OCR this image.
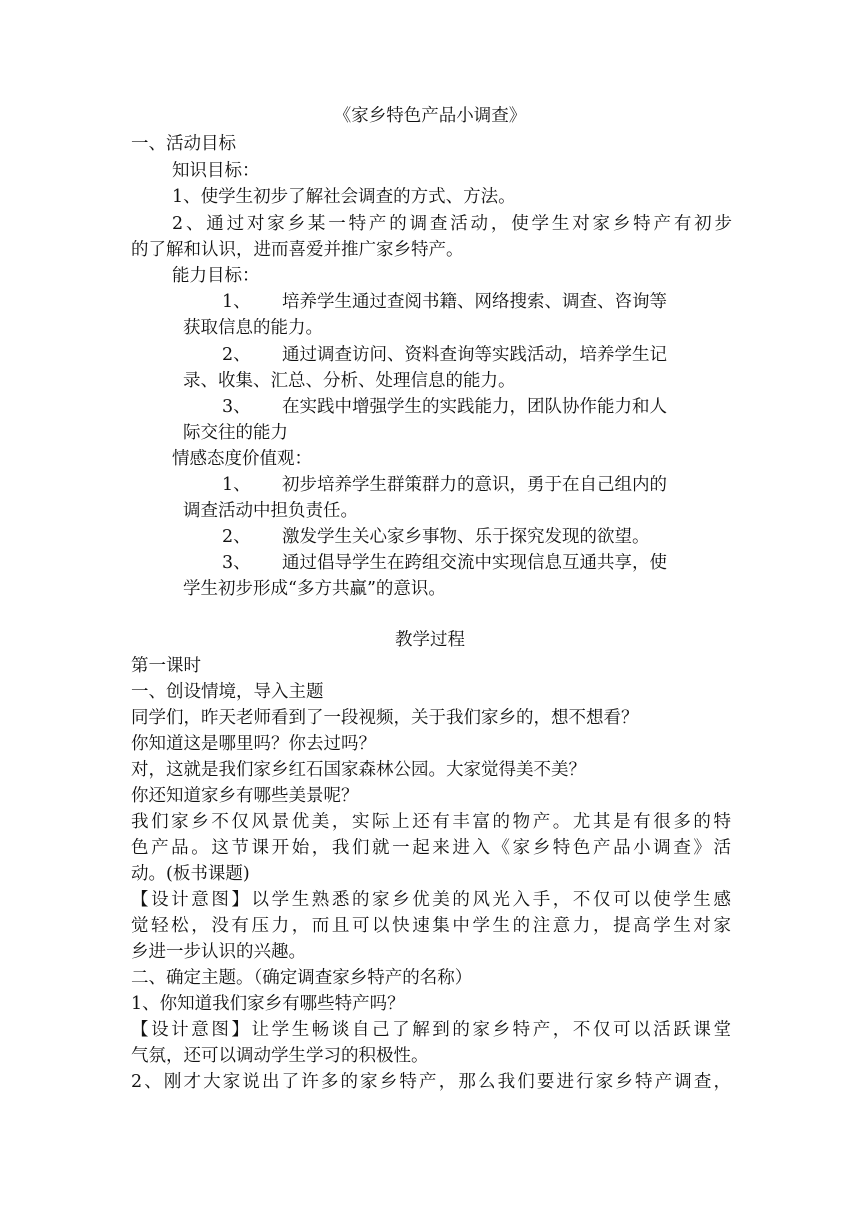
《家乡特色产品小调查》
一、活动目标
知识目标：
1、使学生初步了解社会调查的方式、方法。
2、通过对家乡某一特产的调查活动，使学生对家乡特产有初步
的了解和认识，进而喜爱并推广家乡特产。
能力目标：
1、 培养学生通过查阅书籍、网络搜索、调查、咨询等
获取信息的能力。
2、 通过调查访问、资料查询等实践活动，培养学生记
录、收集、汇总、分析、处理信息的能力。
3、 在实践中增强学生的实践能力，团队协作能力和人
际交往的能力
情感态度价值观：
1、 初步培养学生群策群力的意识，勇于在自己组内的
调查活动中担负责任。
2、 激发学生关心家乡事物、乐于探究发现的欲望。
3、 通过倡导学生在跨组交流中实现信息互通共享，使
学生初步形成“多方共赢”的意识。
教学过程
第一课时
一、创设情境，导入主题
同学们，昨天老师看到了一段视频，关于我们家乡的，想不想看？
你知道这是哪里吗？你去过吗？
对，这就是我们家乡红石国家森林公园。大家觉得美不美？
你还知道家乡有哪些美景呢？
我们家乡不仅风景优美，实际上还有丰富的物产。尤其是有很多的特
色产品。这节课开始，我们就一起来进入《家乡特色产品小调查》活
动。(板书课题)
【设计意图】以学生熟悉的家乡优美的风光入手，不仅可以使学生感
觉轻松，没有压力，而且可以快速集中学生的注意力，提高学生对家
乡进一步认识的兴趣。
二、确定主题。（确定调查家乡特产的名称）
1、你知道我们家乡有哪些特产吗？
【设计意图】让学生畅谈自己了解到的家乡特产，不仅可以活跃课堂
气氛，还可以调动学生学习的积极性。
2、刚才大家说出了许多的家乡特产，那么我们要进行家乡特产调查，
